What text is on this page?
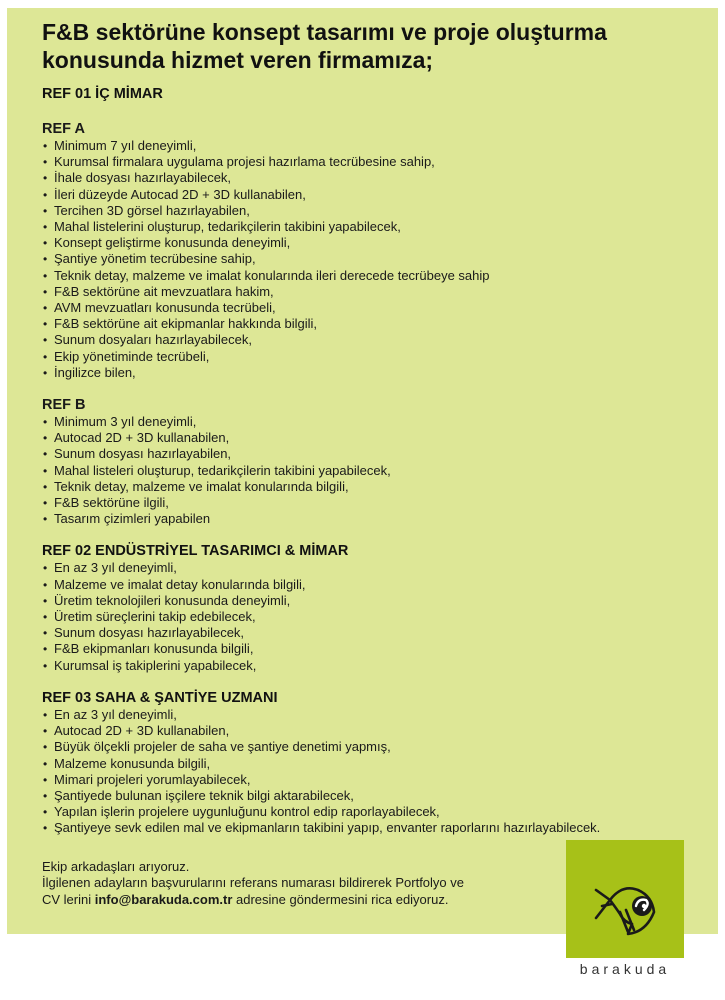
F&B sektörüne konsept tasarımı ve proje oluşturma
konusunda hizmet veren firmamıza;
REF 01 İÇ MİMAR
REF A
• Minimum 7 yıl deneyimli,
• Kurumsal firmalara uygulama projesi hazırlama tecrübesine sahip,
• İhale dosyası hazırlayabilecek,
• İleri düzeyde Autocad 2D + 3D kullanabilen,
• Tercihen 3D görsel hazırlayabilen,
• Mahal listelerini oluşturup, tedarikçilerin takibini yapabilecek,
• Konsept geliştirme konusunda deneyimli,
• Şantiye yönetim tecrübesine sahip,
• Teknik detay, malzeme ve imalat konularında ileri derecede tecrübeye sahip
• F&B sektörüne ait mevzuatlara hakim,
• AVM mevzuatları konusunda tecrübeli,
• F&B sektörüne ait ekipmanlar hakkında bilgili,
• Sunum dosyaları hazırlayabilecek,
• Ekip yönetiminde tecrübeli,
• İngilizce bilen,
REF B
• Minimum 3 yıl deneyimli,
• Autocad 2D + 3D kullanabilen,
• Sunum dosyası hazırlayabilen,
• Mahal listeleri oluşturup, tedarikçilerin takibini yapabilecek,
• Teknik detay, malzeme ve imalat konularında bilgili,
• F&B sektörüne ilgili,
• Tasarım çizimleri yapabilen
REF 02 ENDÜSTRİYEL TASARIMCI & MİMAR
• En az 3 yıl deneyimli,
• Malzeme ve imalat detay konularında bilgili,
• Üretim teknolojileri konusunda deneyimli,
• Üretim süreçlerini takip edebilecek,
• Sunum dosyası hazırlayabilecek,
• F&B ekipmanları konusunda bilgili,
• Kurumsal iş takiplerini yapabilecek,
REF 03 SAHA & ŞANTİYE UZMANI
• En az 3 yıl deneyimli,
• Autocad 2D + 3D kullanabilen,
• Büyük ölçekli projeler de saha ve şantiye denetimi yapmış,
• Malzeme konusunda bilgili,
• Mimari projeleri yorumlayabilecek,
• Şantiyede bulunan işçilere teknik bilgi aktarabilecek,
• Yapılan işlerin projelere uygunluğunu kontrol edip raporlayabilecek,
• Şantiyeye sevk edilen mal ve ekipmanların takibini yapıp, envanter raporlarını hazırlayabilecek.

Ekip arkadaşları arıyoruz.

İlgilenen adayların başvurularını referans numarası bildirerek Portfolyo ve

CV lerini info@barakuda.com.tr adresine göndermesini rica ediyoruz.

barakuda
